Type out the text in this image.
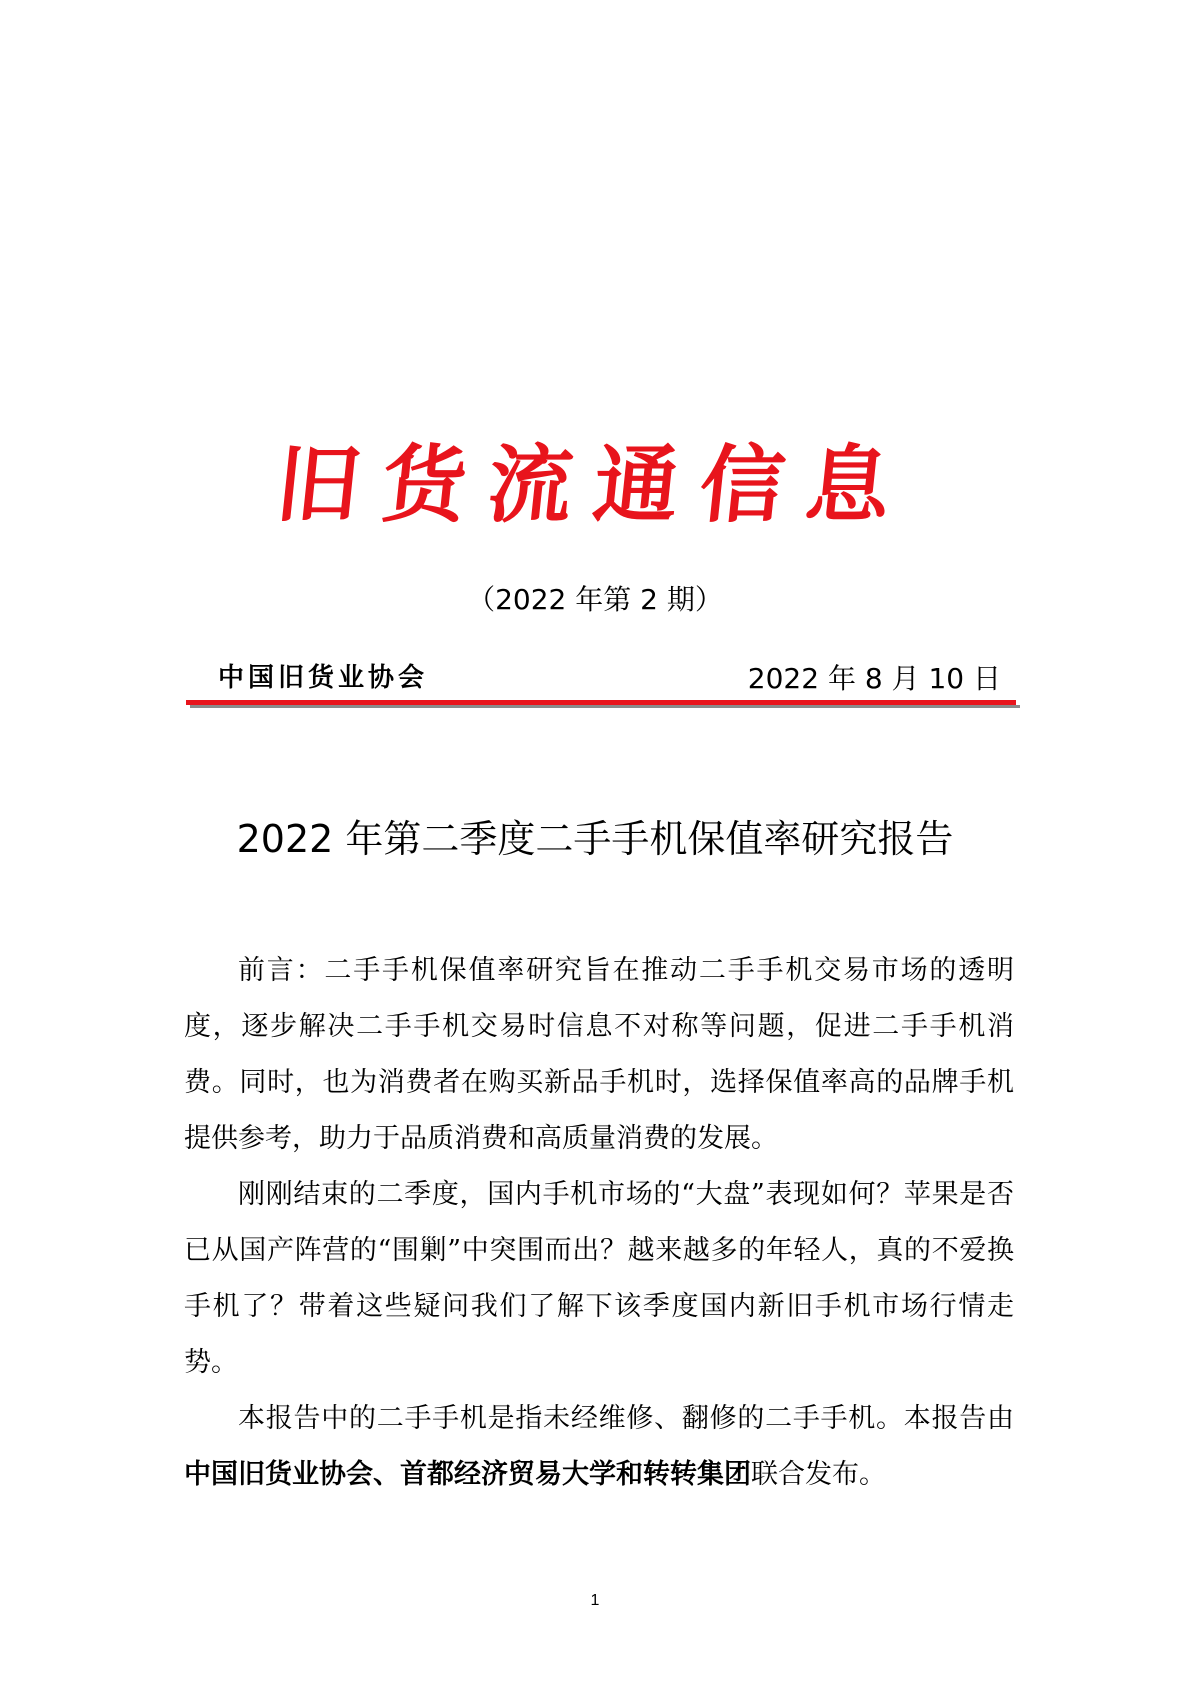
旧货流通信息
（2022 年第 2 期）
中国旧货业协会	2022 年 8 月 10 日
2022 年第二季度二手手机保值率研究报告

前言：二手手机保值率研究旨在推动二手手机交易市场的透明度，逐步解决二手手机交易时信息不对称等问题，促进二手手机消费。同时，也为消费者在购买新品手机时，选择保值率高的品牌手机提供参考，助力于品质消费和高质量消费的发展。

刚刚结束的二季度，国内手机市场的“大盘”表现如何？苹果是否已从国产阵营的“围剿”中突围而出？越来越多的年轻人，真的不爱换手机了？带着这些疑问我们了解下该季度国内新旧手机市场行情走势。

本报告中的二手手机是指未经维修、翻修的二手手机。本报告由中国旧货业协会、首都经济贸易大学和转转集团联合发布。

1
